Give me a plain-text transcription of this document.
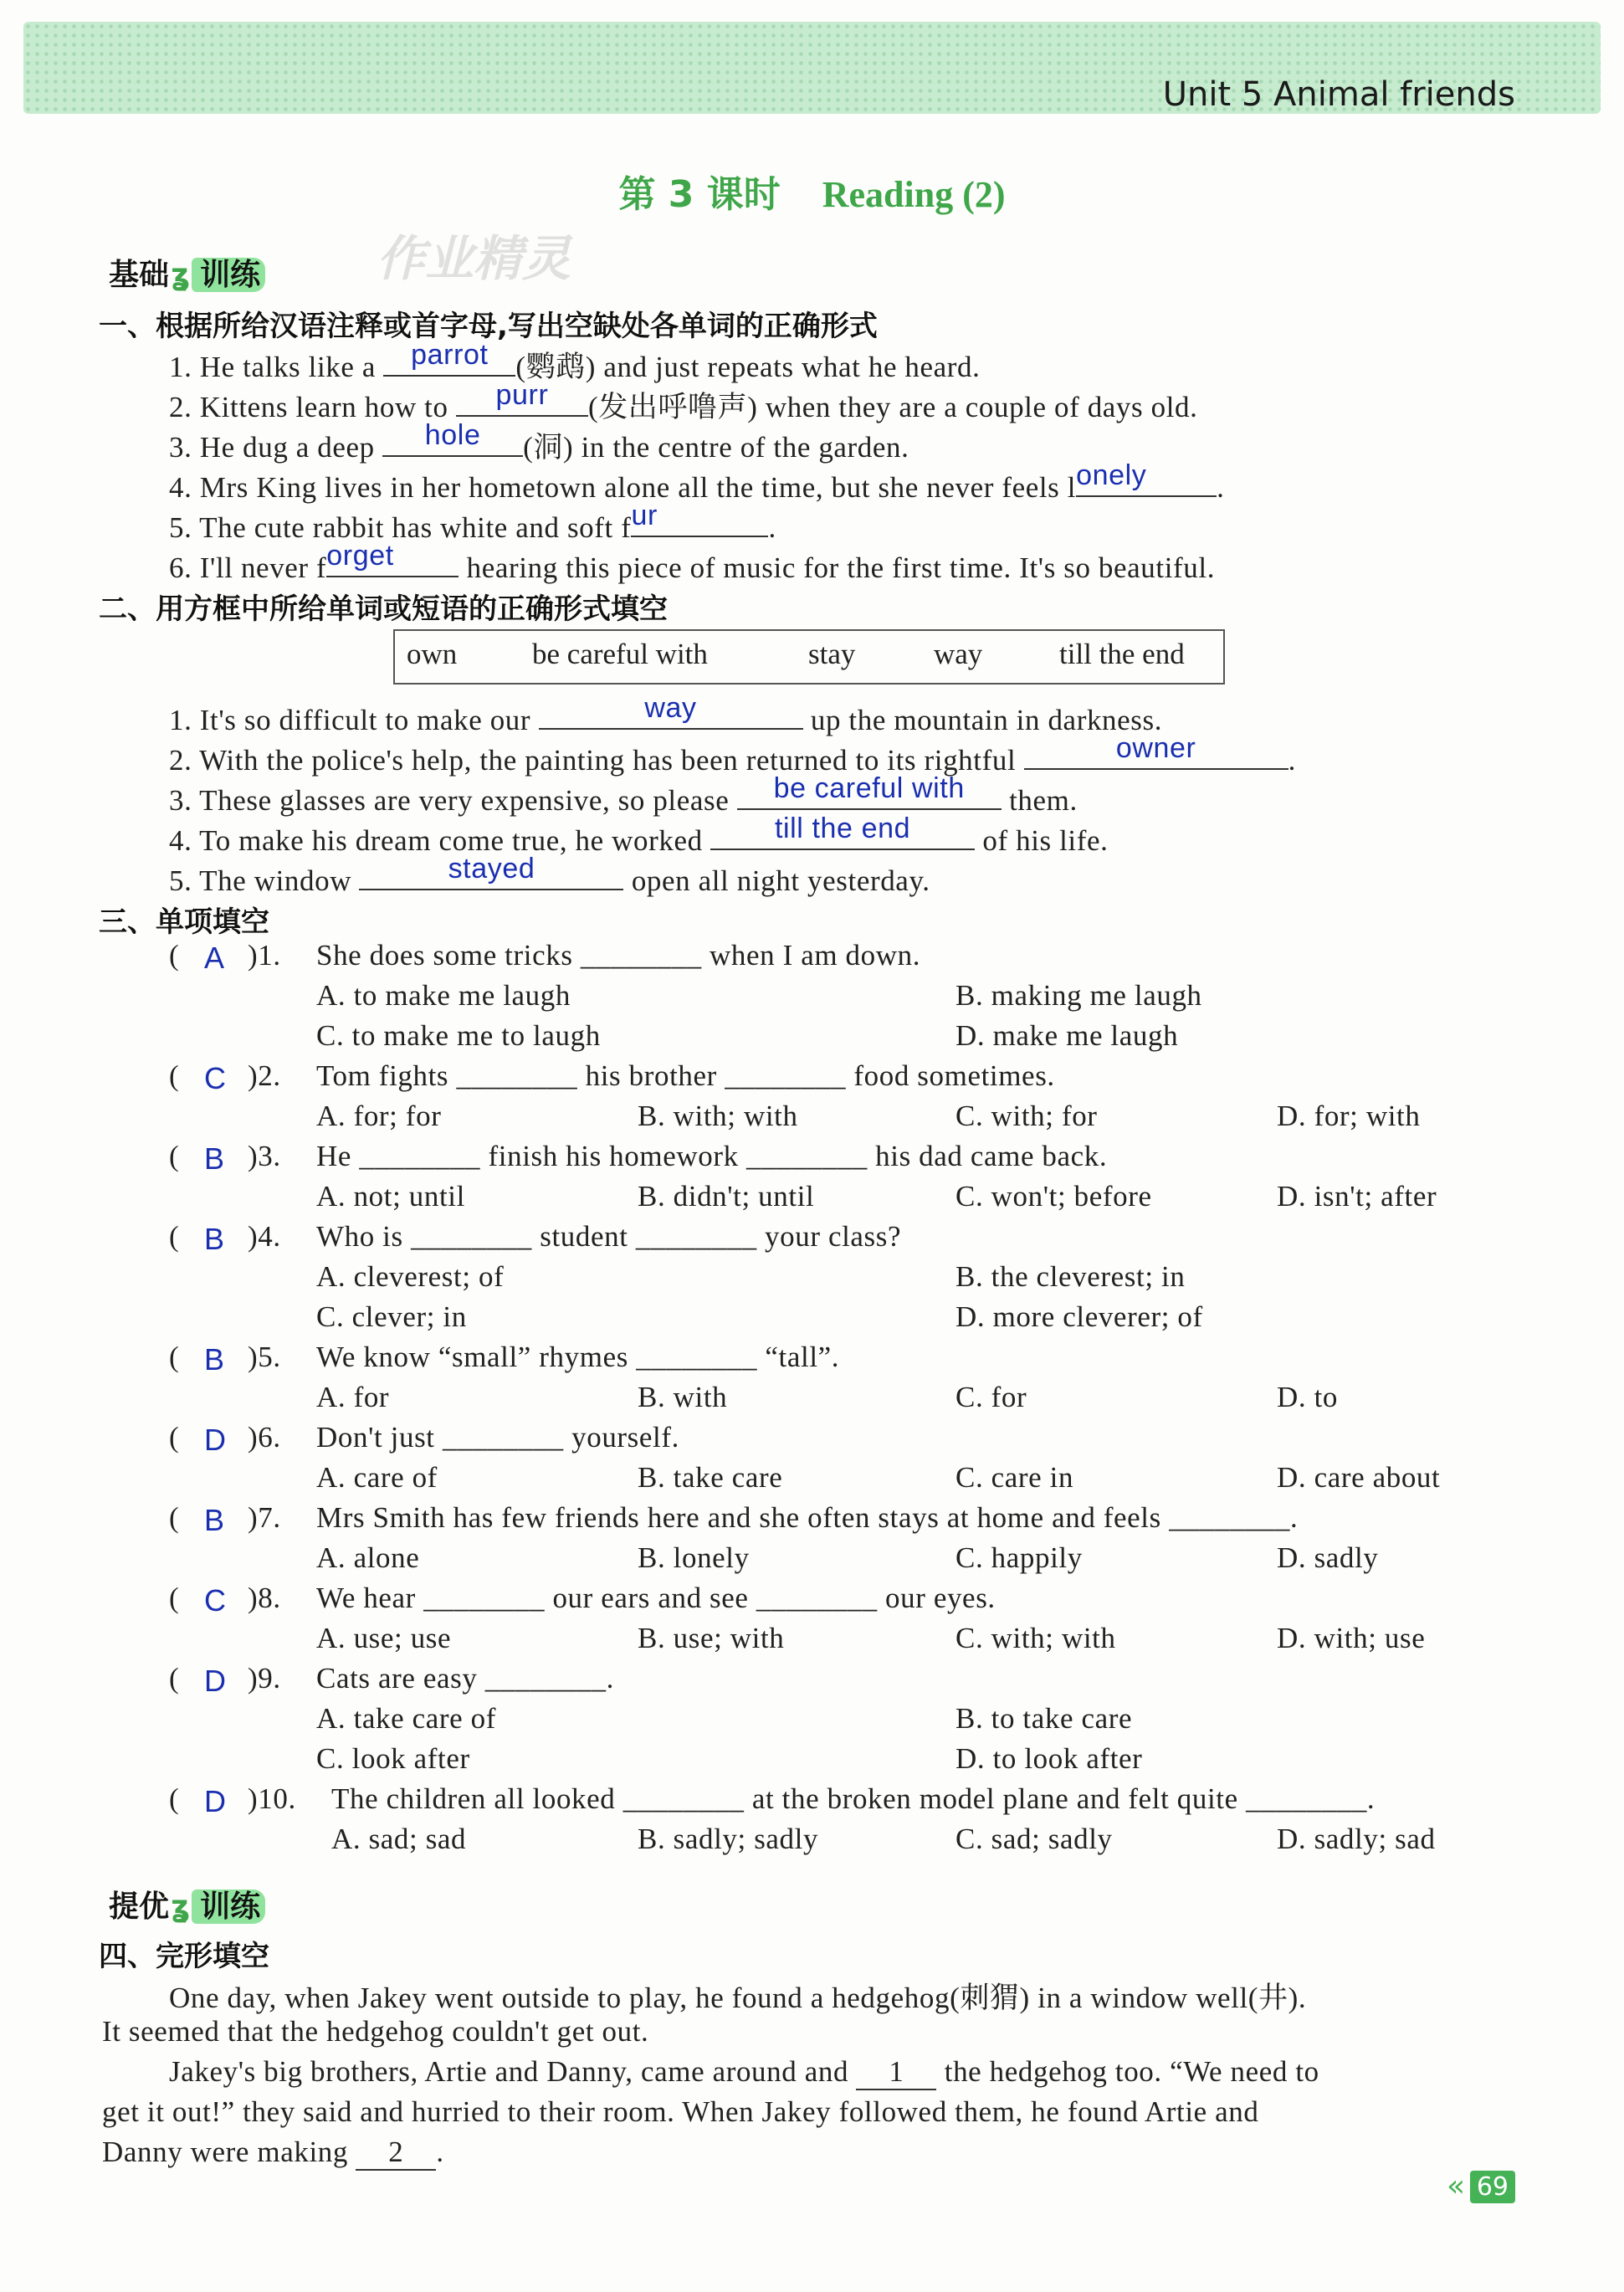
Unit 5 Animal friends
第 3 课时 Reading (2)
基础ʓ 训练 作业精灵
一、根据所给汉语注释或首字母,写出空缺处各单词的正确形式
1. He talks like a parrot (鹦鹉) and just repeats what he heard.
2. Kittens learn how to	purr	(发出呼噜声) when they are a couple of days old.
3. He dug a deep	hole	(洞) in the centre of the garden.
4. Mrs King lives in her hometown alone all the time, but she never feels l onely	.
5. The cute rabbit has white and soft f ur	.
6. I'll never f orget	hearing this piece of music for the first time. It's so beautiful.
二、用方框中所给单词或短语的正确形式填空
own	be careful with	stay	way	till the end
1. It's so difficult to make our	way	up the mountain in darkness.
2. With the police's help, the painting has been returned to its rightful	owner	.
3. These glasses are very expensive, so please	be careful with	them.
4. To make his dream come true, he worked	till the end	of his life.
5. The window	stayed	open all night yesterday.
三、单项填空
( A )1. She does some tricks ________ when I am down.
A. to make me laugh	B. making me laugh
C. to make me to laugh	D. make me laugh
( C )2. Tom fights ________ his brother ________ food sometimes.
A. for; for	B. with; with	C. with; for	D. for; with
( B )3. He ________ finish his homework ________ his dad came back.
A. not; until	B. didn't; until	C. won't; before	D. isn't; after
( B )4. Who is ________ student ________ your class?
A. cleverest; of	B. the cleverest; in
C. clever; in	D. more cleverer; of
( B )5. We know “small” rhymes ________ “tall”.
A. for	B. with	C. for	D. to
( D )6. Don't just ________ yourself.
A. care of	B. take care	C. care in	D. care about
( B )7. Mrs Smith has few friends here and she often stays at home and feels ________.
A. alone	B. lonely	C. happily	D. sadly
( C )8. We hear ________ our ears and see ________ our eyes.
A. use; use	B. use; with	C. with; with	D. with; use
( D )9. Cats are easy ________.
A. take care of	B. to take care
C. look after	D. to look after
( D )10. The children all looked ________ at the broken model plane and felt quite ________.
A. sad; sad	B. sadly; sadly	C. sad; sadly	D. sadly; sad
提优ʓ 训练
四、完形填空
One day, when Jakey went outside to play, he found a hedgehog(刺猬) in a window well(井).
It seemed that the hedgehog couldn't get out.
Jakey's big brothers, Artie and Danny, came around and 1 the hedgehog too. “We need to
get it out!” they said and hurried to their room. When Jakey followed them, he found Artie and
Danny were making 2 .
« 69
